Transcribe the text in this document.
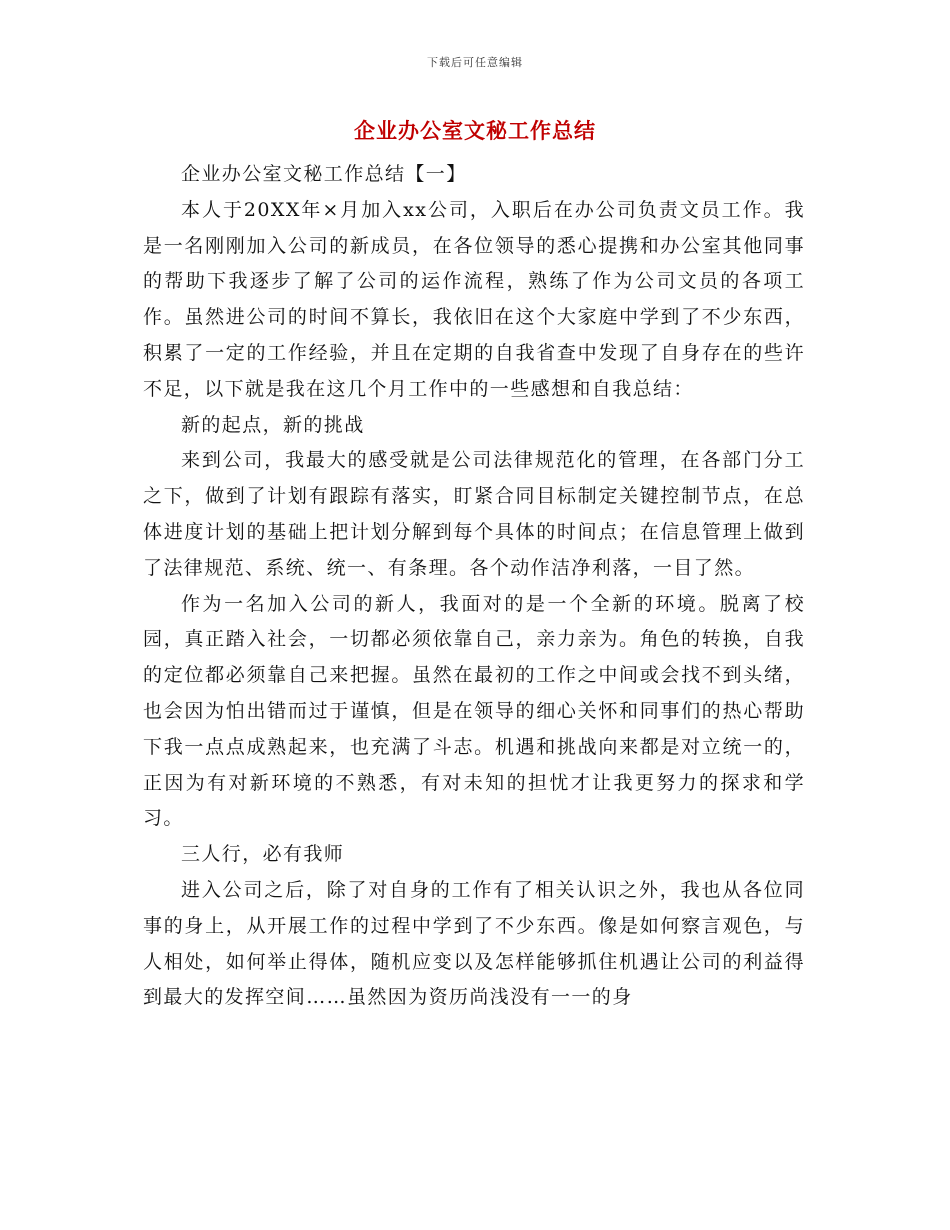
下载后可任意编辑
企业办公室文秘工作总结

企业办公室文秘工作总结【一】

本人于20XX年×月加入xx公司，入职后在办公司负责文员工作。我是一名刚刚加入公司的新成员，在各位领导的悉心提携和办公室其他同事的帮助下我逐步了解了公司的运作流程，熟练了作为公司文员的各项工作。虽然进公司的时间不算长，我依旧在这个大家庭中学到了不少东西，积累了一定的工作经验，并且在定期的自我省查中发现了自身存在的些许不足，以下就是我在这几个月工作中的一些感想和自我总结：

新的起点，新的挑战

来到公司，我最大的感受就是公司法律规范化的管理，在各部门分工之下，做到了计划有跟踪有落实，盯紧合同目标制定关键控制节点，在总体进度计划的基础上把计划分解到每个具体的时间点；在信息管理上做到了法律规范、系统、统一、有条理。各个动作洁净利落，一目了然。

作为一名加入公司的新人，我面对的是一个全新的环境。脱离了校园，真正踏入社会，一切都必须依靠自己，亲力亲为。角色的转换，自我的定位都必须靠自己来把握。虽然在最初的工作之中间或会找不到头绪，也会因为怕出错而过于谨慎，但是在领导的细心关怀和同事们的热心帮助下我一点点成熟起来，也充满了斗志。机遇和挑战向来都是对立统一的，正因为有对新环境的不熟悉，有对未知的担忧才让我更努力的探求和学习。

三人行，必有我师

进入公司之后，除了对自身的工作有了相关认识之外，我也从各位同事的身上，从开展工作的过程中学到了不少东西。像是如何察言观色，与人相处，如何举止得体，随机应变以及怎样能够抓住机遇让公司的利益得到最大的发挥空间……虽然因为资历尚浅没有一一的身
